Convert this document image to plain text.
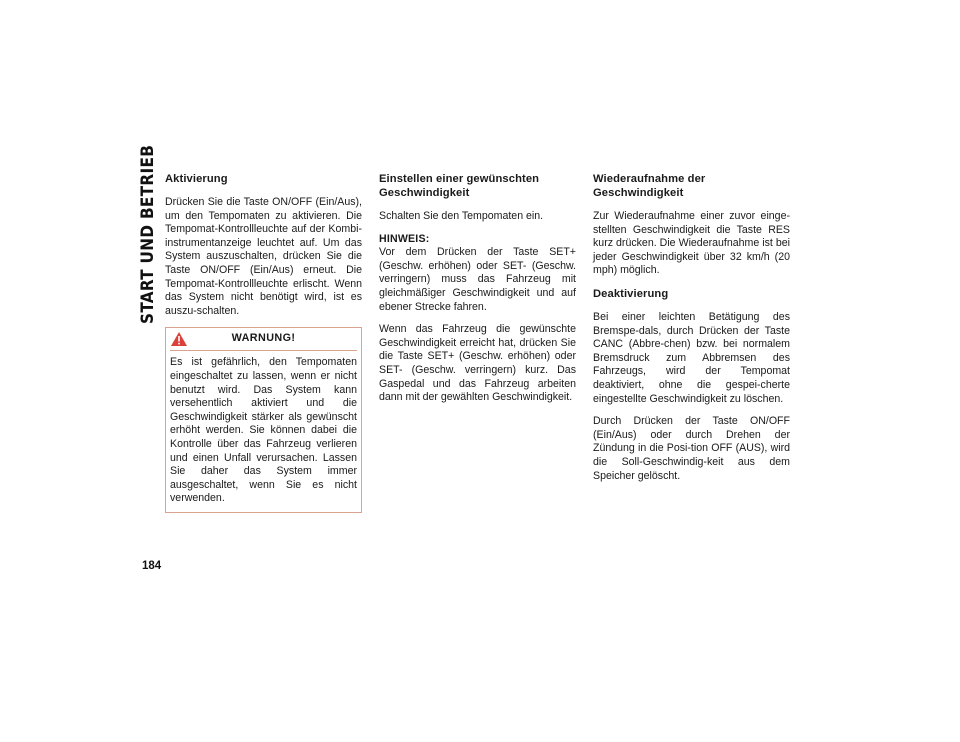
START UND BETRIEB
184
Aktivierung

Drücken Sie die Taste ON/OFF (Ein/Aus), um den Tempomaten zu aktivieren. Die Tempomat-Kontrollleuchte auf der Kombi-instrumentanzeige leuchtet auf. Um das System auszuschalten, drücken Sie die Taste ON/OFF (Ein/Aus) erneut. Die Tempomat-Kontrollleuchte erlischt. Wenn das System nicht benötigt wird, ist es auszu-schalten.

WARNUNG!
Es ist gefährlich, den Tempomaten eingeschaltet zu lassen, wenn er nicht benutzt wird. Das System kann versehentlich aktiviert und die Geschwindigkeit stärker als gewünscht erhöht werden. Sie können dabei die Kontrolle über das Fahrzeug verlieren und einen Unfall verursachen. Lassen Sie daher das System immer ausgeschaltet, wenn Sie es nicht verwenden.
Einstellen einer gewünschten Geschwindigkeit

Schalten Sie den Tempomaten ein.

HINWEIS:
Vor dem Drücken der Taste SET+ (Geschw. erhöhen) oder SET- (Geschw. verringern) muss das Fahrzeug mit gleichmäßiger Geschwindigkeit und auf ebener Strecke fahren.

Wenn das Fahrzeug die gewünschte Geschwindigkeit erreicht hat, drücken Sie die Taste SET+ (Geschw. erhöhen) oder SET- (Geschw. verringern) kurz. Das Gaspedal und das Fahrzeug arbeiten dann mit der gewählten Geschwindigkeit.

Wiederaufnahme der Geschwindigkeit

Zur Wiederaufnahme einer zuvor einge-stellten Geschwindigkeit die Taste RES kurz drücken. Die Wiederaufnahme ist bei jeder Geschwindigkeit über 32 km/h (20 mph) möglich.

Deaktivierung

Bei einer leichten Betätigung des Bremspe-dals, durch Drücken der Taste CANC (Abbre-chen) bzw. bei normalem Bremsdruck zum Abbremsen des Fahrzeugs, wird der Tempomat deaktiviert, ohne die gespei-cherte eingestellte Geschwindigkeit zu löschen.

Durch Drücken der Taste ON/OFF (Ein/Aus) oder durch Drehen der Zündung in die Posi-tion OFF (AUS), wird die Soll-Geschwindig-keit aus dem Speicher gelöscht.
